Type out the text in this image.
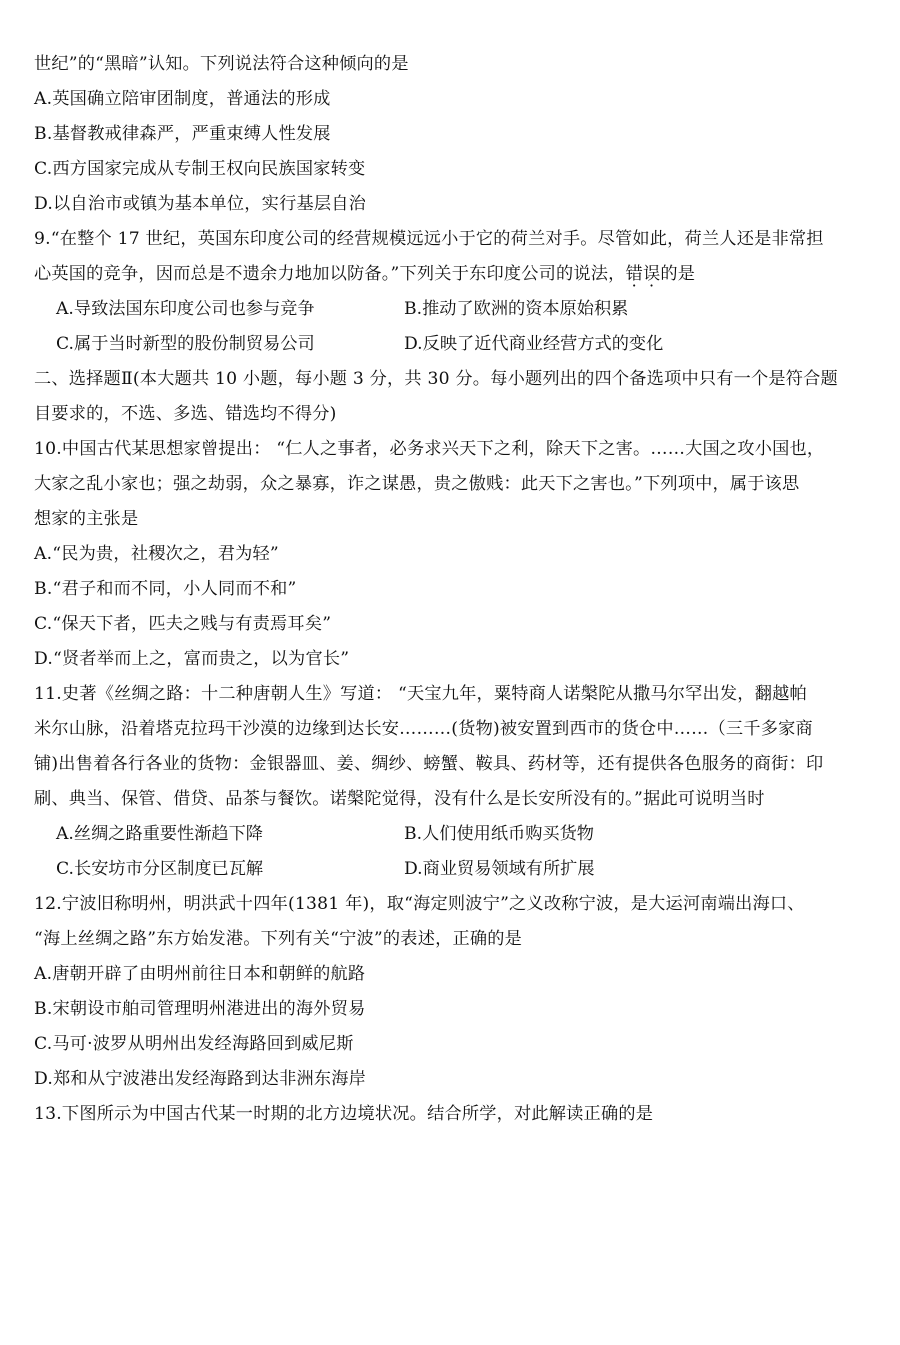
世纪”的“黑暗”认知。下列说法符合这种倾向的是
A.英国确立陪审团制度，普通法的形成
B.基督教戒律森严，严重束缚人性发展
C.西方国家完成从专制王权向民族国家转变
D.以自治市或镇为基本单位，实行基层自治
9.“在整个 17 世纪，英国东印度公司的经营规模远远小于它的荷兰对手。尽管如此，荷兰人还是非常担
心英国的竞争，因而总是不遗余力地加以防备。”下列关于东印度公司的说法，错误的是
A.导致法国东印度公司也参与竞争	B.推动了欧洲的资本原始积累
C.属于当时新型的股份制贸易公司	D.反映了近代商业经营方式的变化
二、选择题Ⅱ(本大题共 10 小题，每小题 3 分，共 30 分。每小题列出的四个备选项中只有一个是符合题
目要求的，不选、多选、错选均不得分)
10.中国古代某思想家曾提出： “仁人之事者，必务求兴天下之利，除天下之害。……大国之攻小国也，
大家之乱小家也；强之劫弱，众之暴寡，诈之谋愚，贵之傲贱：此天下之害也。”下列项中，属于该思
想家的主张是
A.“民为贵，社稷次之，君为轻”
B.“君子和而不同，小人同而不和”
C.“保天下者，匹夫之贱与有责焉耳矣”
D.“贤者举而上之，富而贵之，以为官长”
11.史著《丝绸之路：十二种唐朝人生》写道： “天宝九年，粟特商人诺槃陀从撒马尔罕出发，翻越帕
米尔山脉，沿着塔克拉玛干沙漠的边缘到达长安………(货物)被安置到西市的货仓中……（三千多家商
铺)出售着各行各业的货物：金银器皿、姜、绸纱、螃蟹、鞍具、药材等，还有提供各色服务的商街：印
刷、典当、保管、借贷、品茶与餐饮。诺槃陀觉得，没有什么是长安所没有的。”据此可说明当时
A.丝绸之路重要性渐趋下降	B.人们使用纸币购买货物
C.长安坊市分区制度已瓦解	D.商业贸易领域有所扩展
12.宁波旧称明州，明洪武十四年(1381 年)，取“海定则波宁”之义改称宁波，是大运河南端出海口、
“海上丝绸之路”东方始发港。下列有关“宁波”的表述，正确的是
A.唐朝开辟了由明州前往日本和朝鲜的航路
B.宋朝设市舶司管理明州港进出的海外贸易
C.马可·波罗从明州出发经海路回到威尼斯
D.郑和从宁波港出发经海路到达非洲东海岸
13.下图所示为中国古代某一时期的北方边境状况。结合所学，对此解读正确的是
